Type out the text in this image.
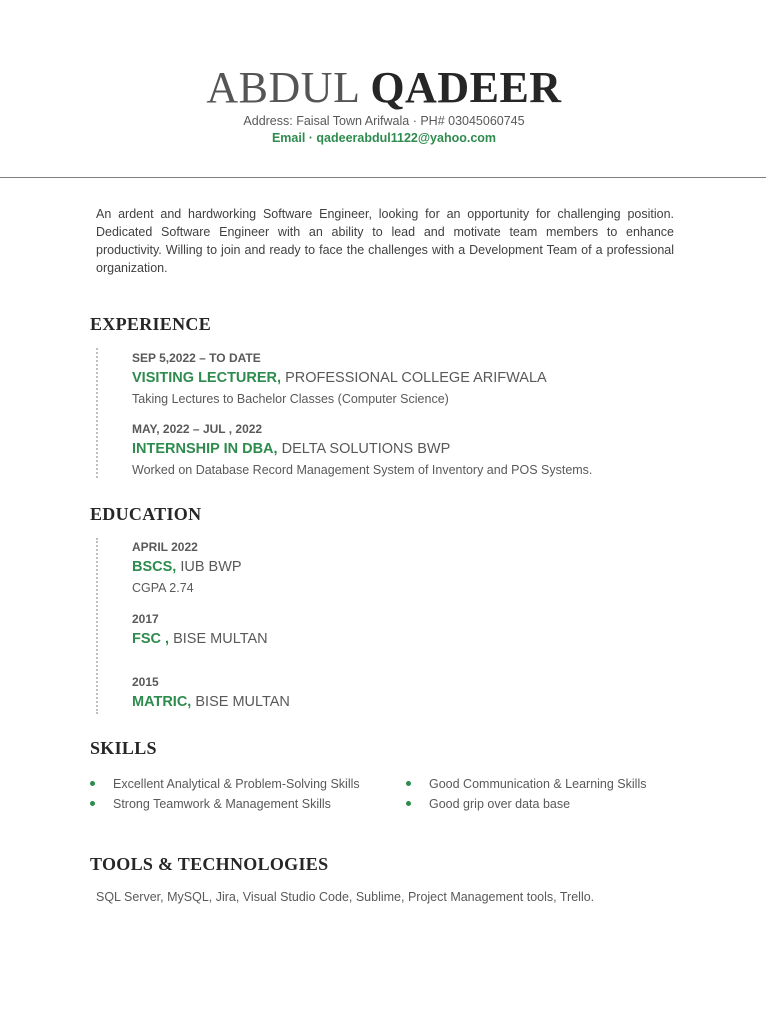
ABDUL QADEER
Address: Faisal Town Arifwala · PH# 03045060745
Email · qadeerabdul1122@yahoo.com
An ardent and hardworking Software Engineer, looking for an opportunity for challenging position. Dedicated Software Engineer with an ability to lead and motivate team members to enhance productivity. Willing to join and ready to face the challenges with a Development Team of a professional organization.
EXPERIENCE
SEP 5,2022 – TO DATE
VISITING LECTURER, PROFESSIONAL COLLEGE ARIFWALA
Taking Lectures to Bachelor Classes (Computer Science)
MAY, 2022 – JUL , 2022
INTERNSHIP IN DBA, DELTA SOLUTIONS BWP
Worked on Database Record Management System of Inventory and POS Systems.
EDUCATION
APRIL 2022
BSCS, IUB BWP
CGPA 2.74
2017
FSC , BISE MULTAN
2015
MATRIC, BISE MULTAN
SKILLS
Excellent Analytical & Problem-Solving Skills
Strong Teamwork & Management Skills
Good Communication & Learning Skills
Good grip over data base
TOOLS & TECHNOLOGIES
SQL Server, MySQL, Jira, Visual Studio Code, Sublime, Project Management tools, Trello.
